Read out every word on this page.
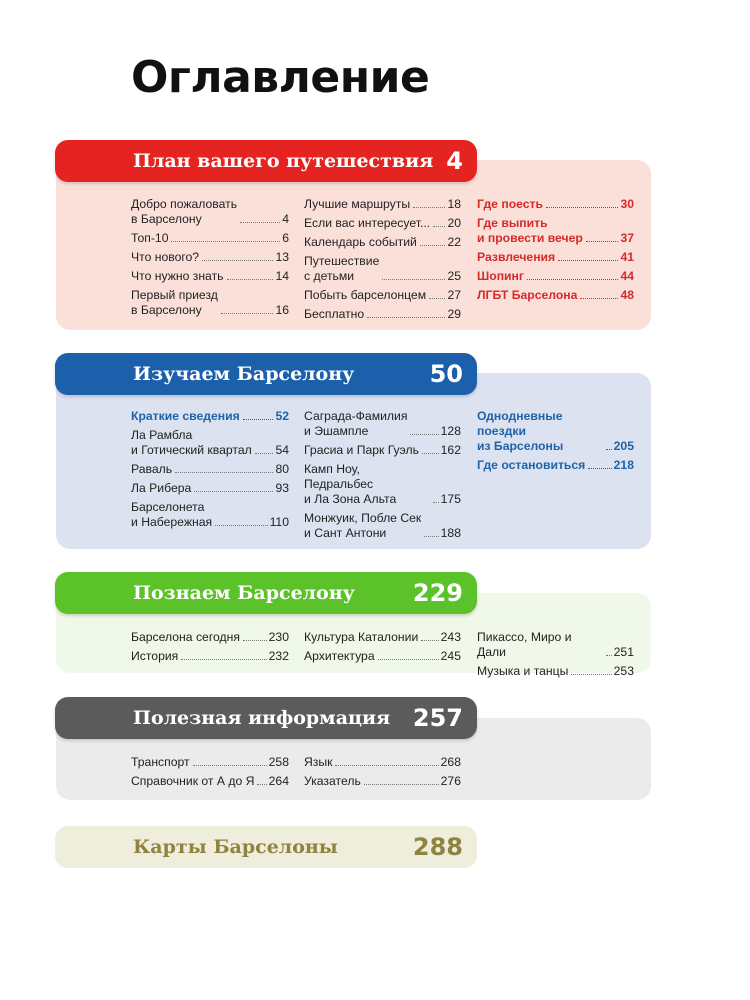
Оглавление
План вашего путешествия 4
Добро пожаловать
в Барселону	4
Топ-10	6
Что нового?	13
Что нужно знать	14
Первый приезд
в Барселону	16
Лучшие маршруты	18
Если вас интересует... 20
Календарь событий	22
Путешествие
с детьми	25
Побыть барселонцем 27
Бесплатно	29
Где поесть	30
Где выпить
и провести вечер	37
Развлечения	41
Шопинг	44
ЛГБТ Барселона	48
Изучаем Барселону	50
Краткие сведения	52
Ла Рамбла
и Готический квартал 54
Раваль	80
Ла Рибера	93
Барселонета
и Набережная	110
Саграда-Фамилия
и Эшампле	128
Грасиа и Парк Гуэль 162
Камп Ноу, Педральбес
и Ла Зона Альта	175
Монжуик, Побле Сек
и Сант Антони	188
Однодневные поездки
из Барселоны	205
Где остановиться 218
Познаем Барселону 229
Барселона сегодня 230
История	232
Культура Каталонии 243
Архитектура	245
Пикассо, Миро и Дали	251
Музыка и танцы	253
Полезная информация 257
Транспорт	258
Справочник от А до Я 264
Язык	268
Указатель	276
Карты Барселоны	288
